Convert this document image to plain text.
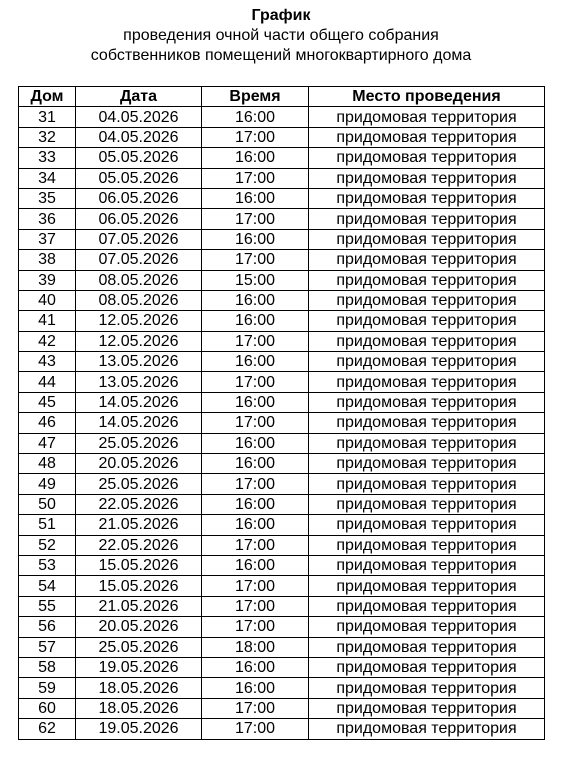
График
проведения очной части общего собрания
собственников помещений многоквартирного дома
Дом	Дата	Время	Место проведения
31	04.05.2026	16:00	придомовая территория
32	04.05.2026	17:00	придомовая территория
33	05.05.2026	16:00	придомовая территория
34	05.05.2026	17:00	придомовая территория
35	06.05.2026	16:00	придомовая территория
36	06.05.2026	17:00	придомовая территория
37	07.05.2026	16:00	придомовая территория
38	07.05.2026	17:00	придомовая территория
39	08.05.2026	15:00	придомовая территория
40	08.05.2026	16:00	придомовая территория
41	12.05.2026	16:00	придомовая территория
42	12.05.2026	17:00	придомовая территория
43	13.05.2026	16:00	придомовая территория
44	13.05.2026	17:00	придомовая территория
45	14.05.2026	16:00	придомовая территория
46	14.05.2026	17:00	придомовая территория
47	25.05.2026	16:00	придомовая территория
48	20.05.2026	16:00	придомовая территория
49	25.05.2026	17:00	придомовая территория
50	22.05.2026	16:00	придомовая территория
51	21.05.2026	16:00	придомовая территория
52	22.05.2026	17:00	придомовая территория
53	15.05.2026	16:00	придомовая территория
54	15.05.2026	17:00	придомовая территория
55	21.05.2026	17:00	придомовая территория
56	20.05.2026	17:00	придомовая территория
57	25.05.2026	18:00	придомовая территория
58	19.05.2026	16:00	придомовая территория
59	18.05.2026	16:00	придомовая территория
60	18.05.2026	17:00	придомовая территория
62	19.05.2026	17:00	придомовая территория
